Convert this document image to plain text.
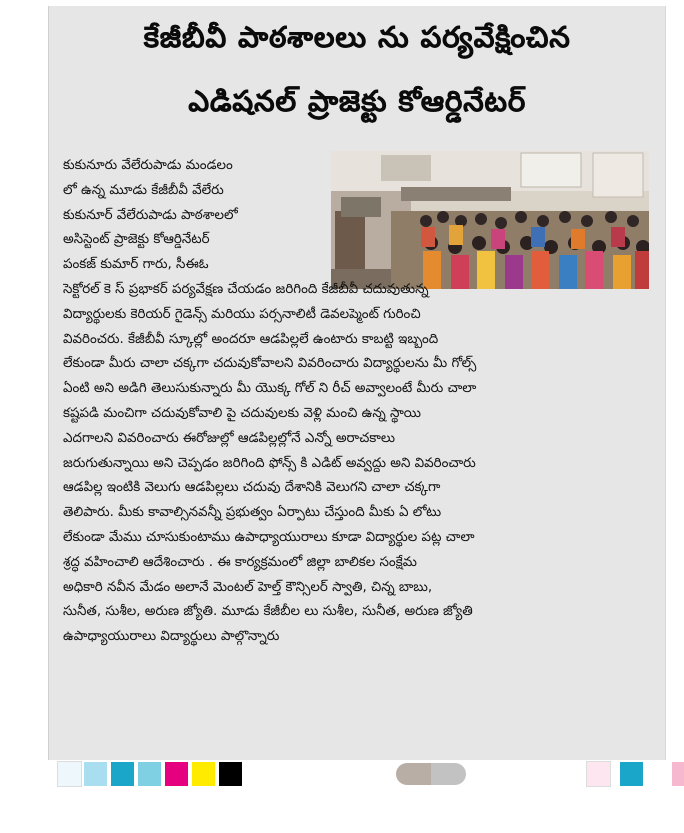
కేజీబీవీ పాఠశాలలు ను పర్యవేక్షించిన
ఎడిషనల్ ప్రాజెక్టు కోఆర్డినేటర్
కుకునూరు వేలేరుపాడు మండలం
లో ఉన్న మూడు కేజీబీవీ వేలేరు
కుకునూర్ వేలేరుపాడు పాఠశాలలో
అసిస్టెంట్ ప్రాజెక్టు కోఆర్డినేటర్
పంకజ్ కుమార్ గారు, సీఈఓ
సెక్టోరల్ కె స్ ప్రభాకర్ పర్యవేక్షణ చేయడం జరిగింది కేజీబీవీ చదువుతున్న
విద్యార్థులకు కెరియర్ గైడెన్స్ మరియు పర్సనాలిటీ డెవలప్మెంట్ గురించి
వివరించరు. కేజీబీవీ స్కూల్లో అందరూ ఆడపిల్లలే ఉంటారు కాబట్టి ఇబ్బంది
లేకుండా మీరు చాలా చక్కగా చదువుకోవాలని వివరించారు విద్యార్థులను మీ గోల్స్
ఏంటి అని అడిగి తెలుసుకున్నారు మీ యొక్క గోల్ ని రీచ్ అవ్వాలంటే మీరు చాలా
కష్టపడి మంచిగా చదువుకోవాలి పై చదువులకు వెళ్లి మంచి ఉన్న స్థాయి
ఎదగాలని వివరించారు ఈరోజుల్లో ఆడపిల్లల్లోనే ఎన్నో అరాచకాలు
జరుగుతున్నాయి అని చెప్పడం జరిగింది ఫోన్స్ కి ఎడిట్ అవ్వద్దు అని వివరించారు
ఆడపిల్ల ఇంటికి వెలుగు ఆడపిల్లలు చదువు దేశానికి వెలుగని చాలా చక్కగా
తెలిపారు. మీకు కావాల్సినవన్నీ ప్రభుత్వం ఏర్పాటు చేస్తుంది మీకు ఏ లోటు
లేకుండా మేము చూసుకుంటాము ఉపాధ్యాయురాలు కూడా విద్యార్థుల పట్ల చాలా
శ్రద్ధ వహించాలి ఆదేశించారు . ఈ కార్యక్రమంలో జిల్లా బాలికల సంక్షేమ
అధికారి నవీన మేడం అలానే మెంటల్ హెల్త్ కౌన్సిలర్ స్వాతి, చిన్న బాబు,
సునీత, సుశీల, అరుణ జ్యోతి. మూడు కేజీబీల లు సుశీల, సునీత, అరుణ జ్యోతి
ఉపాధ్యాయురాలు విద్యార్థులు పాల్గొన్నారు
